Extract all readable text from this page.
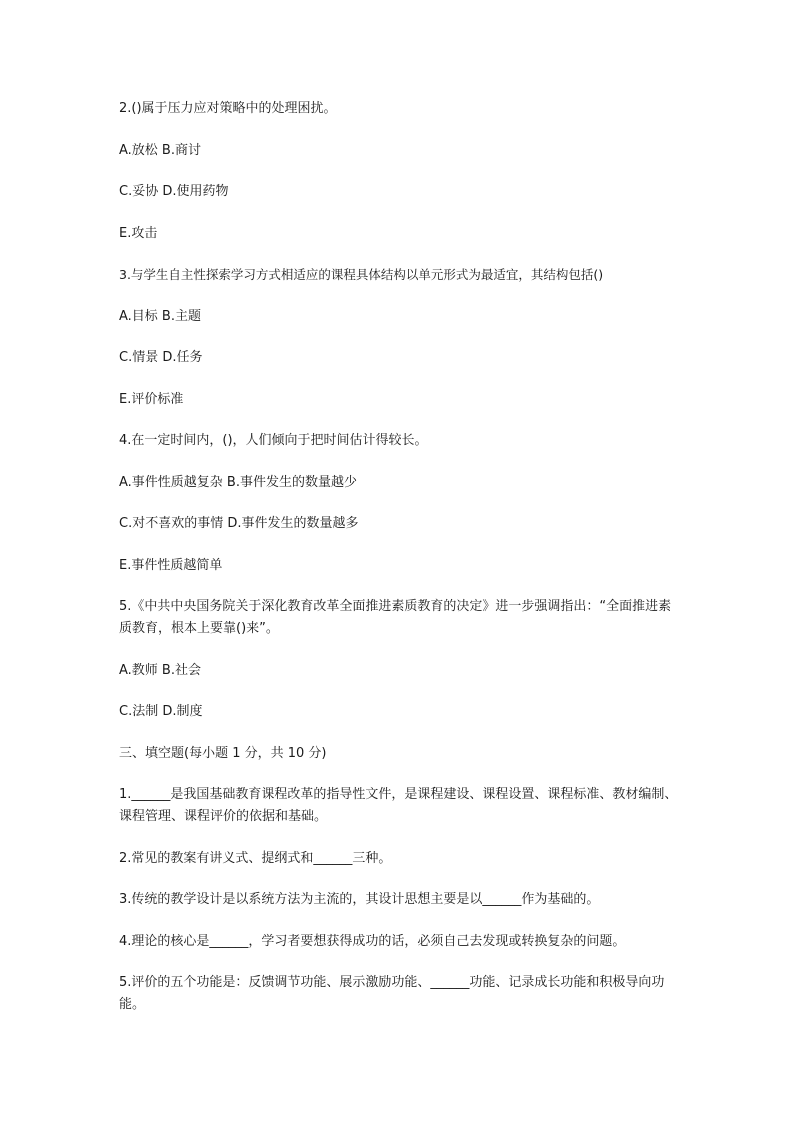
2.()属于压力应对策略中的处理困扰。

A.放松 B.商讨

C.妥协 D.使用药物

E.攻击

3.与学生自主性探索学习方式相适应的课程具体结构以单元形式为最适宜，其结构包括()

A.目标 B.主题

C.情景 D.任务

E.评价标准

4.在一定时间内，()，人们倾向于把时间估计得较长。

A.事件性质越复杂 B.事件发生的数量越少

C.对不喜欢的事情 D.事件发生的数量越多

E.事件性质越简单

5.《中共中央国务院关于深化教育改革全面推进素质教育的决定》进一步强调指出：“全面推进素质教育，根本上要靠()来”。

A.教师 B.社会

C.法制 D.制度

三、填空题(每小题 1 分，共 10 分)

1.______是我国基础教育课程改革的指导性文件，是课程建设、课程设置、课程标准、教材编制、课程管理、课程评价的依据和基础。

2.常见的教案有讲义式、提纲式和______三种。

3.传统的教学设计是以系统方法为主流的，其设计思想主要是以______作为基础的。

4.理论的核心是______，学习者要想获得成功的话，必须自己去发现或转换复杂的问题。

5.评价的五个功能是：反馈调节功能、展示激励功能、______功能、记录成长功能和积极导向功能。
